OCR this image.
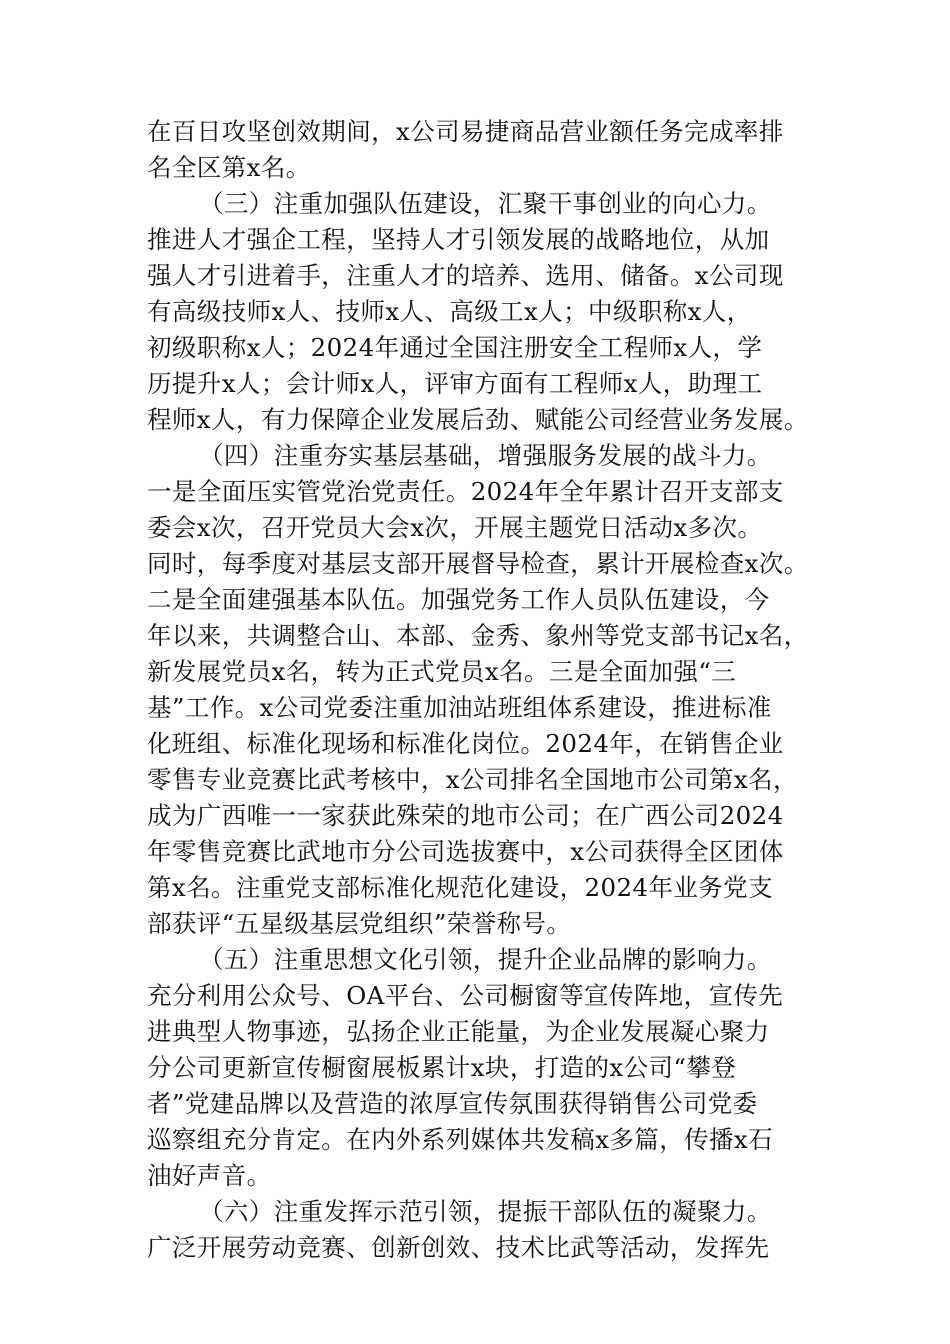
在百日攻坚创效期间，x公司易捷商品营业额任务完成率排
名全区第x名。
（三）注重加强队伍建设，汇聚干事创业的向心力。
推进人才强企工程，坚持人才引领发展的战略地位，从加
强人才引进着手，注重人才的培养、选用、储备。x公司现
有高级技师x人、技师x人、高级工x人；中级职称x人，
初级职称x人；2024年通过全国注册安全工程师x人，学
历提升x人；会计师x人，评审方面有工程师x人，助理工
程师x人，有力保障企业发展后劲、赋能公司经营业务发展。
（四）注重夯实基层基础，增强服务发展的战斗力。
一是全面压实管党治党责任。2024年全年累计召开支部支
委会x次，召开党员大会x次，开展主题党日活动x多次。
同时，每季度对基层支部开展督导检查，累计开展检查x次。
二是全面建强基本队伍。加强党务工作人员队伍建设，今
年以来，共调整合山、本部、金秀、象州等党支部书记x名，
新发展党员x名，转为正式党员x名。三是全面加强“三
基”工作。x公司党委注重加油站班组体系建设，推进标准
化班组、标准化现场和标准化岗位。2024年，在销售企业
零售专业竞赛比武考核中，x公司排名全国地市公司第x名，
成为广西唯一一家获此殊荣的地市公司；在广西公司2024
年零售竞赛比武地市分公司选拔赛中，x公司获得全区团体
第x名。注重党支部标准化规范化建设，2024年业务党支
部获评“五星级基层党组织”荣誉称号。
（五）注重思想文化引领，提升企业品牌的影响力。
充分利用公众号、OA平台、公司橱窗等宣传阵地，宣传先
进典型人物事迹，弘扬企业正能量，为企业发展凝心聚力
分公司更新宣传橱窗展板累计x块，打造的x公司“攀登
者”党建品牌以及营造的浓厚宣传氛围获得销售公司党委
巡察组充分肯定。在内外系列媒体共发稿x多篇，传播x石
油好声音。
（六）注重发挥示范引领，提振干部队伍的凝聚力。
广泛开展劳动竞赛、创新创效、技术比武等活动，发挥先
